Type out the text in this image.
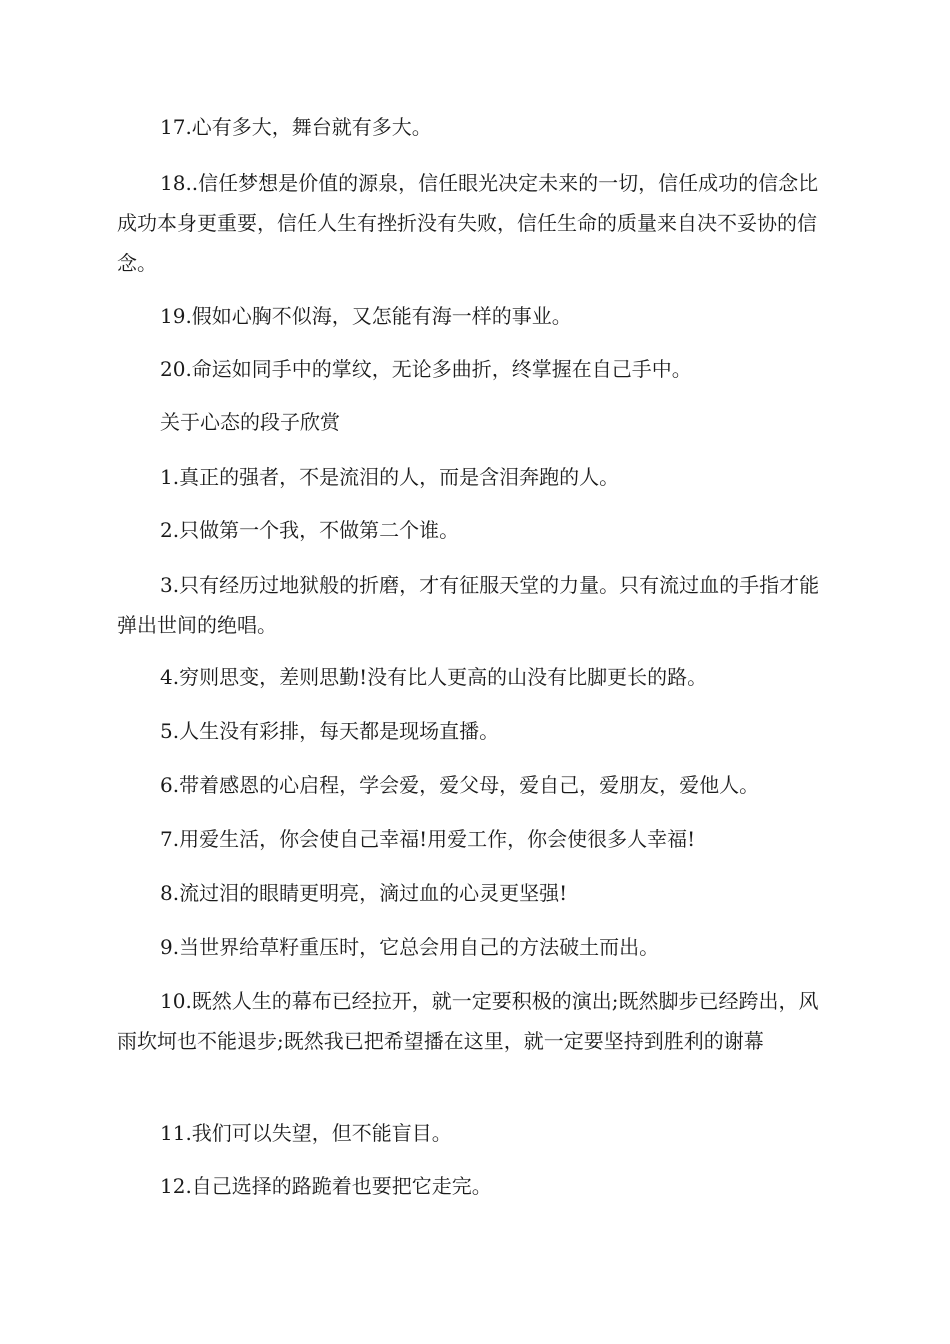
17.心有多大，舞台就有多大。

18..信任梦想是价值的源泉，信任眼光决定未来的一切，信任成功的信念比成功本身更重要，信任人生有挫折没有失败，信任生命的质量来自决不妥协的信念。

19.假如心胸不似海，又怎能有海一样的事业。

20.命运如同手中的掌纹，无论多曲折，终掌握在自己手中。

关于心态的段子欣赏

1.真正的强者，不是流泪的人，而是含泪奔跑的人。

2.只做第一个我，不做第二个谁。

3.只有经历过地狱般的折磨，才有征服天堂的力量。只有流过血的手指才能弹出世间的绝唱。

4.穷则思变，差则思勤!没有比人更高的山没有比脚更长的路。

5.人生没有彩排，每天都是现场直播。

6.带着感恩的心启程，学会爱，爱父母，爱自己，爱朋友，爱他人。

7.用爱生活，你会使自己幸福!用爱工作，你会使很多人幸福!

8.流过泪的眼睛更明亮，滴过血的心灵更坚强!

9.当世界给草籽重压时，它总会用自己的方法破土而出。

10.既然人生的幕布已经拉开，就一定要积极的演出;既然脚步已经跨出，风雨坎坷也不能退步;既然我已把希望播在这里，就一定要坚持到胜利的谢幕

11.我们可以失望，但不能盲目。

12.自己选择的路跪着也要把它走完。
